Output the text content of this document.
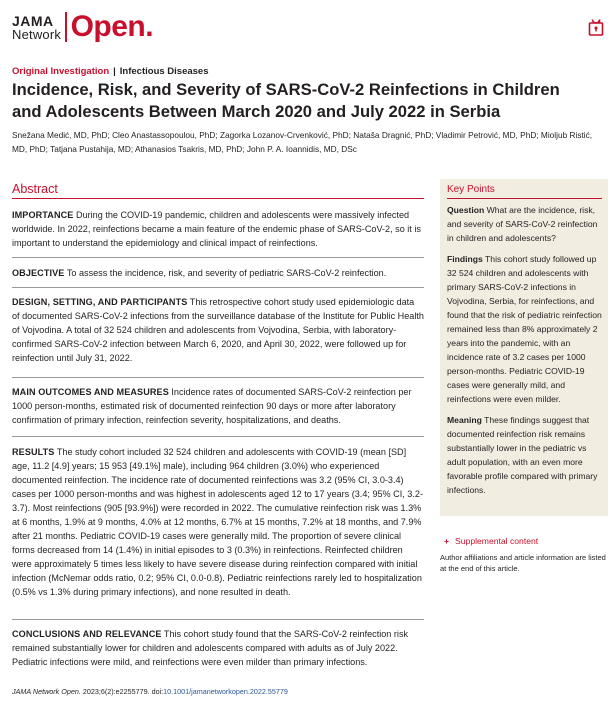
JAMA
Network Open.
Original Investigation | Infectious Diseases
Incidence, Risk, and Severity of SARS-CoV-2 Reinfections in Children and Adolescents Between March 2020 and July 2022 in Serbia
Snežana Medić, MD, PhD; Cleo Anastassopoulou, PhD; Zagorka Lozanov-Crvenković, PhD; Nataša Dragnić, PhD; Vladimir Petrović, MD, PhD; Mioljub Ristić, MD, PhD; Tatjana Pustahija, MD; Athanasios Tsakris, MD, PhD; John P. A. Ioannidis, MD, DSc
Abstract

IMPORTANCE During the COVID-19 pandemic, children and adolescents were massively infected worldwide. In 2022, reinfections became a main feature of the endemic phase of SARS-CoV-2, so it is important to understand the epidemiology and clinical impact of reinfections.

OBJECTIVE To assess the incidence, risk, and severity of pediatric SARS-CoV-2 reinfection.

DESIGN, SETTING, AND PARTICIPANTS This retrospective cohort study used epidemiologic data of documented SARS-CoV-2 infections from the surveillance database of the Institute for Public Health of Vojvodina. A total of 32 524 children and adolescents from Vojvodina, Serbia, with laboratory-confirmed SARS-CoV-2 infection between March 6, 2020, and April 30, 2022, were followed up for reinfection until July 31, 2022.

MAIN OUTCOMES AND MEASURES Incidence rates of documented SARS-CoV-2 reinfection per 1000 person-months, estimated risk of documented reinfection 90 days or more after laboratory confirmation of primary infection, reinfection severity, hospitalizations, and deaths.

RESULTS The study cohort included 32 524 children and adolescents with COVID-19 (mean [SD] age, 11.2 [4.9] years; 15 953 [49.1%] male), including 964 children (3.0%) who experienced documented reinfection. The incidence rate of documented reinfections was 3.2 (95% CI, 3.0-3.4) cases per 1000 person-months and was highest in adolescents aged 12 to 17 years (3.4; 95% CI, 3.2-3.7). Most reinfections (905 [93.9%]) were recorded in 2022. The cumulative reinfection risk was 1.3% at 6 months, 1.9% at 9 months, 4.0% at 12 months, 6.7% at 15 months, 7.2% at 18 months, and 7.9% after 21 months. Pediatric COVID-19 cases were generally mild. The proportion of severe clinical forms decreased from 14 (1.4%) in initial episodes to 3 (0.3%) in reinfections. Reinfected children were approximately 5 times less likely to have severe disease during reinfection compared with initial infection (McNemar odds ratio, 0.2; 95% CI, 0.0-0.8). Pediatric reinfections rarely led to hospitalization (0.5% vs 1.3% during primary infections), and none resulted in death.

CONCLUSIONS AND RELEVANCE This cohort study found that the SARS-CoV-2 reinfection risk remained substantially lower for children and adolescents compared with adults as of July 2022. Pediatric infections were mild, and reinfections were even milder than primary infections.

Key Points

Question What are the incidence, risk, and severity of SARS-CoV-2 reinfection in children and adolescents?

Findings This cohort study followed up 32 524 children and adolescents with primary SARS-CoV-2 infections in Vojvodina, Serbia, for reinfections, and found that the risk of pediatric reinfection remained less than 8% approximately 2 years into the pandemic, with an incidence rate of 3.2 cases per 1000 person-months. Pediatric COVID-19 cases were generally mild, and reinfections were even milder.

Meaning These findings suggest that documented reinfection risk remains substantially lower in the pediatric vs adult population, with an even more favorable profile compared with primary infections.

+ Supplemental content
Author affiliations and article information are listed at the end of this article.
JAMA Network Open. 2023;6(2):e2255779. doi:10.1001/jamanetworkopen.2022.55779
